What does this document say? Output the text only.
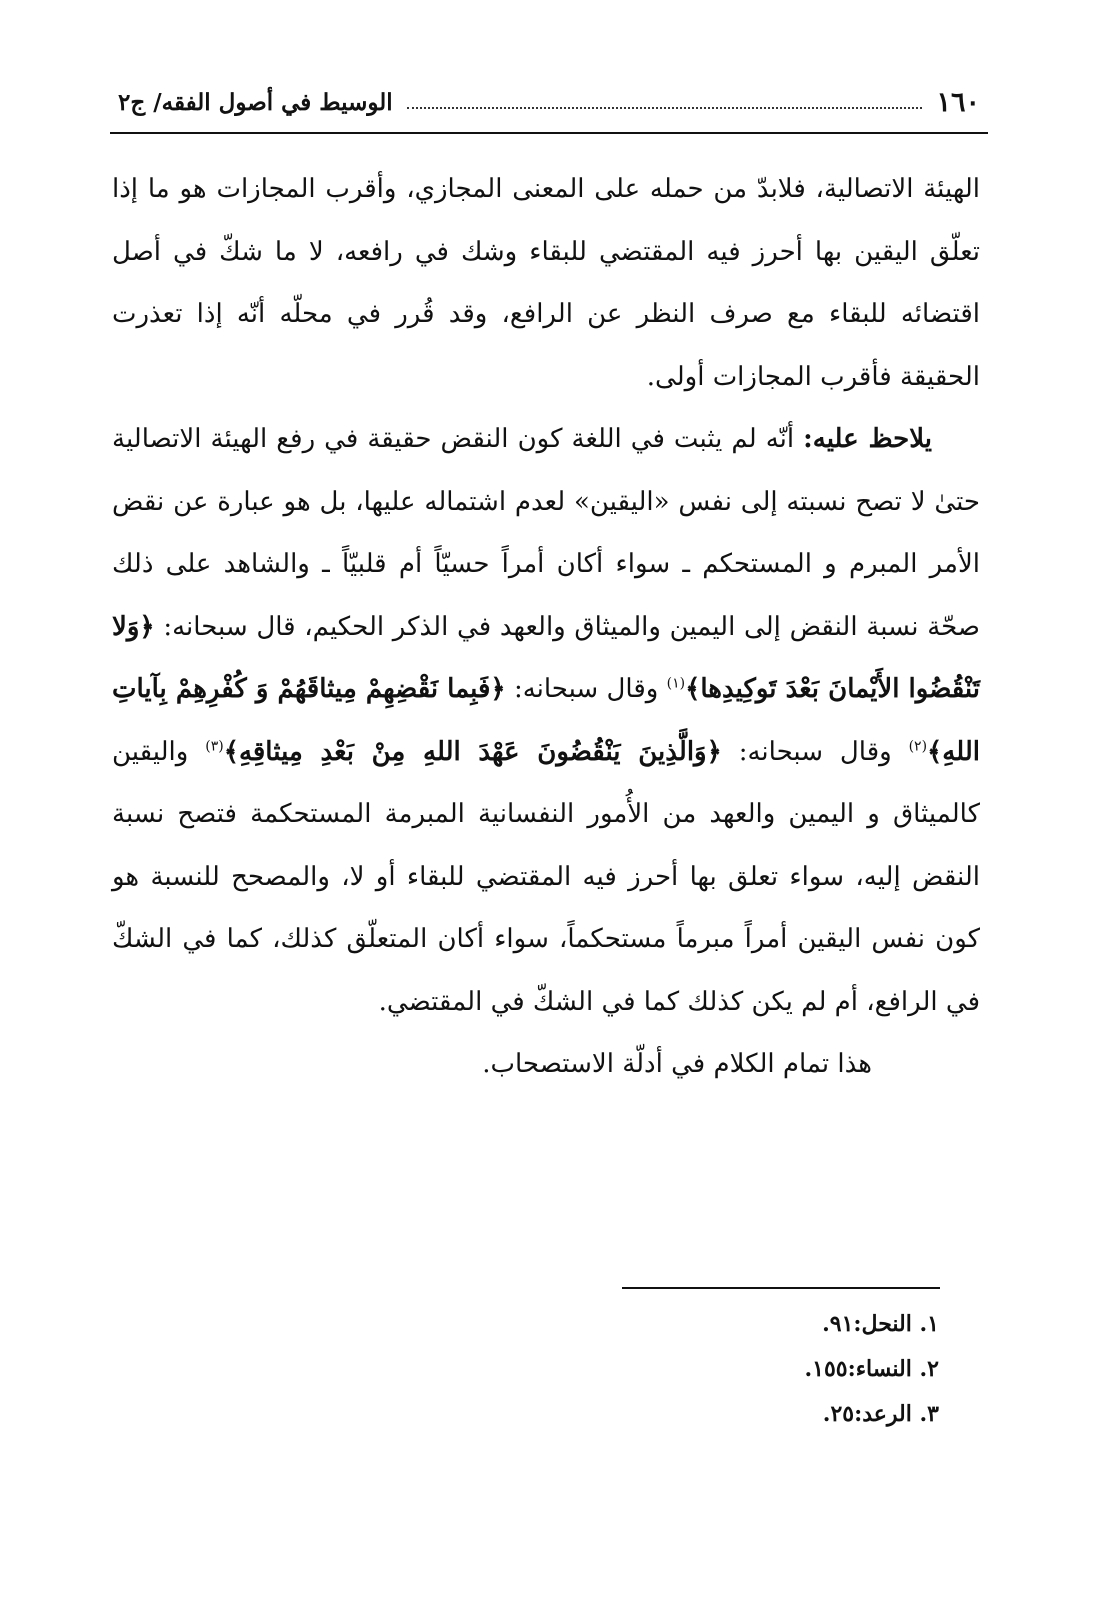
١٦٠
الوسيط في أصول الفقه/ ج٢

الهيئة الاتصالية، فلابدّ من حمله على المعنى المجازي، وأقرب المجازات هو ما إذا تعلّق اليقين بها أحرز فيه المقتضي للبقاء وشك في رافعه، لا ما شكّ في أصل اقتضائه للبقاء مع صرف النظر عن الرافع، وقد قُرر في محلّه أنّه إذا تعذرت الحقيقة فأقرب المجازات أولى.

يلاحظ عليه: أنّه لم يثبت في اللغة كون النقض حقيقة في رفع الهيئة الاتصالية حتىٰ لا تصح نسبته إلى نفس «اليقين» لعدم اشتماله عليها، بل هو عبارة عن نقض الأمر المبرم و المستحكم ـ سواء أكان أمراً حسيّاً أم قلبيّاً ـ والشاهد على ذلك صحّة نسبة النقض إلى اليمين والميثاق والعهد في الذكر الحكيم، قال سبحانه: ﴿وَلا تَنْقُضُوا الأَيْمانَ بَعْدَ تَوكِيدِها﴾$^{(١)}$ وقال سبحانه: ﴿فَبِما نَقْضِهِمْ مِيثاقَهُمْ وَ كُفْرِهِمْ بِآياتِ اللهِ﴾$^{(٢)}$ وقال سبحانه: ﴿وَالَّذِينَ يَنْقُضُونَ عَهْدَ اللهِ مِنْ بَعْدِ مِيثاقِهِ﴾$^{(٣)}$ واليقين كالميثاق و اليمين والعهد من الأُمور النفسانية المبرمة المستحكمة فتصح نسبة النقض إليه، سواء تعلق بها أحرز فيه المقتضي للبقاء أو لا، والمصحح للنسبة هو كون نفس اليقين أمراً مبرماً مستحكماً، سواء أكان المتعلّق كذلك، كما في الشكّ في الرافع، أم لم يكن كذلك كما في الشكّ في المقتضي.

هذا تمام الكلام في أدلّة الاستصحاب.

١. النحل:٩١.

٢. النساء:١٥٥.

٣. الرعد:٢٥.
